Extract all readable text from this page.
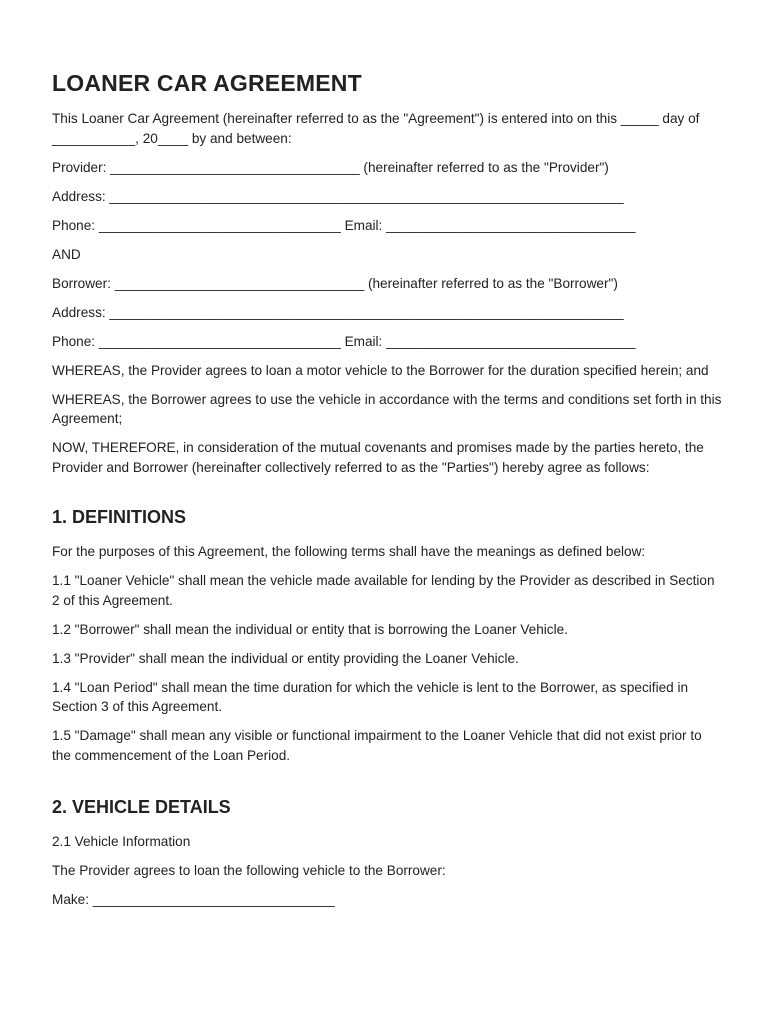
LOANER CAR AGREEMENT

This Loaner Car Agreement (hereinafter referred to as the "Agreement") is entered into on this _____ day of ___________, 20____ by and between:

Provider: _________________________________ (hereinafter referred to as the "Provider")

Address: ____________________________________________________________________

Phone: ________________________________ Email: _________________________________

AND

Borrower: _________________________________ (hereinafter referred to as the "Borrower")

Address: ____________________________________________________________________

Phone: ________________________________ Email: _________________________________

WHEREAS, the Provider agrees to loan a motor vehicle to the Borrower for the duration specified herein; and

WHEREAS, the Borrower agrees to use the vehicle in accordance with the terms and conditions set forth in this Agreement;

NOW, THEREFORE, in consideration of the mutual covenants and promises made by the parties hereto, the Provider and Borrower (hereinafter collectively referred to as the "Parties") hereby agree as follows:

1. DEFINITIONS

For the purposes of this Agreement, the following terms shall have the meanings as defined below:

1.1 "Loaner Vehicle" shall mean the vehicle made available for lending by the Provider as described in Section 2 of this Agreement.

1.2 "Borrower" shall mean the individual or entity that is borrowing the Loaner Vehicle.

1.3 "Provider" shall mean the individual or entity providing the Loaner Vehicle.

1.4 "Loan Period" shall mean the time duration for which the vehicle is lent to the Borrower, as specified in Section 3 of this Agreement.

1.5 "Damage" shall mean any visible or functional impairment to the Loaner Vehicle that did not exist prior to the commencement of the Loan Period.

2. VEHICLE DETAILS

2.1 Vehicle Information

The Provider agrees to loan the following vehicle to the Borrower:

Make: ________________________________
